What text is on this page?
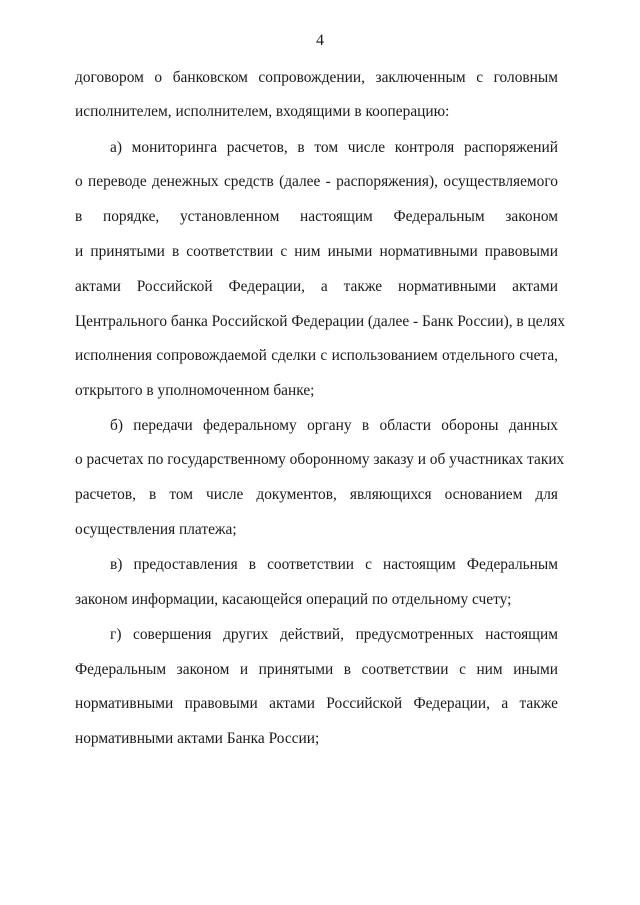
4
договором о банковском сопровождении, заключенным с головным
исполнителем, исполнителем, входящими в кооперацию:
а) мониторинга расчетов, в том числе контроля распоряжений
о переводе денежных средств (далее - распоряжения), осуществляемого
в порядке, установленном настоящим Федеральным законом
и принятыми в соответствии с ним иными нормативными правовыми
актами Российской Федерации, а также нормативными актами
Центрального банка Российской Федерации (далее - Банк России), в целях
исполнения сопровождаемой сделки с использованием отдельного счета,
открытого в уполномоченном банке;
б) передачи федеральному органу в области обороны данных
о расчетах по государственному оборонному заказу и об участниках таких
расчетов, в том числе документов, являющихся основанием для
осуществления платежа;
в) предоставления в соответствии с настоящим Федеральным
законом информации, касающейся операций по отдельному счету;
г) совершения других действий, предусмотренных настоящим
Федеральным законом и принятыми в соответствии с ним иными
нормативными правовыми актами Российской Федерации, а также
нормативными актами Банка России;
